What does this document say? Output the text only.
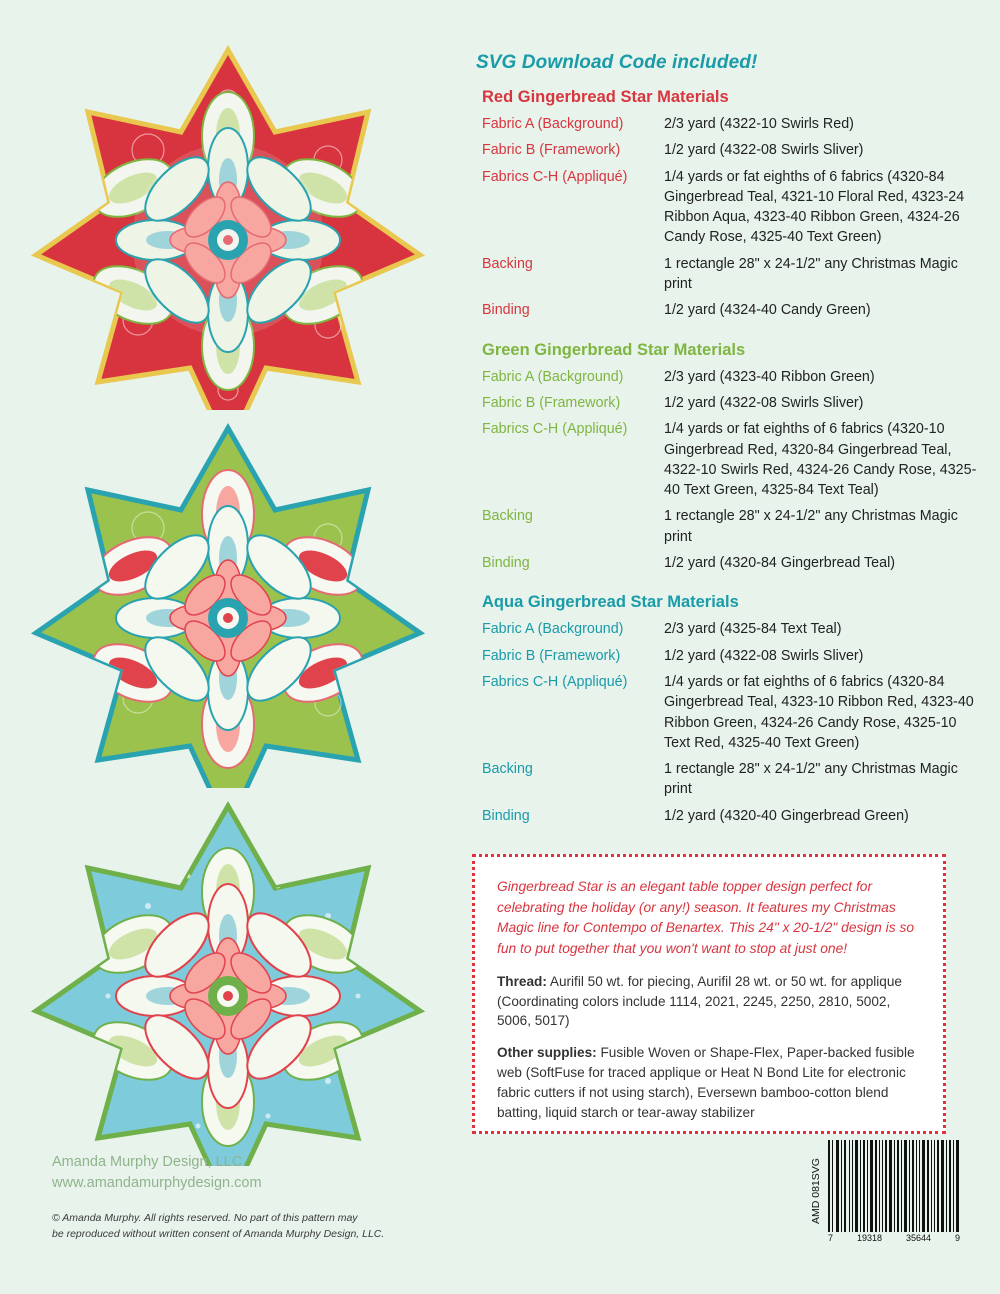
SVG Download Code included!
Red Gingerbread Star Materials
Fabric A (Background)	2/3 yard (4322-10 Swirls Red)
Fabric B (Framework)	1/2 yard (4322-08 Swirls Sliver)
Fabrics C-H (Appliqué)	1/4 yards or fat eighths of 6 fabrics (4320-84 Gingerbread Teal, 4321-10 Floral Red, 4323-24 Ribbon Aqua, 4323-40 Ribbon Green, 4324-26 Candy Rose, 4325-40 Text Green)
Backing	1 rectangle 28" x 24-1/2" any Christmas Magic print
Binding	1/2 yard (4324-40 Candy Green)
Green Gingerbread Star Materials
Fabric A (Background)	2/3 yard (4323-40 Ribbon Green)
Fabric B (Framework)	1/2 yard (4322-08 Swirls Sliver)
Fabrics C-H (Appliqué)	1/4 yards or fat eighths of 6 fabrics (4320-10 Gingerbread Red, 4320-84 Gingerbread Teal, 4322-10 Swirls Red, 4324-26 Candy Rose, 4325-40 Text Green, 4325-84 Text Teal)
Backing	1 rectangle 28" x 24-1/2" any Christmas Magic print
Binding	1/2 yard (4320-84 Gingerbread Teal)
Aqua Gingerbread Star Materials
Fabric A (Background)	2/3 yard (4325-84 Text Teal)
Fabric B (Framework)	1/2 yard (4322-08 Swirls Sliver)
Fabrics C-H (Appliqué)	1/4 yards or fat eighths of 6 fabrics (4320-84 Gingerbread Teal, 4323-10 Ribbon Red, 4323-40 Ribbon Green, 4324-26 Candy Rose, 4325-10 Text Red, 4325-40 Text Green)
Backing	1 rectangle 28" x 24-1/2" any Christmas Magic print
Binding	1/2 yard (4320-40 Gingerbread Green)

Gingerbread Star is an elegant table topper design perfect for celebrating the holiday (or any!) season. It features my Christmas Magic line for Contempo of Benartex. This 24" x 20-1/2" design is so fun to put together that you won't want to stop at just one!

Thread: Aurifil 50 wt. for piecing, Aurifil 28 wt. or 50 wt. for applique (Coordinating colors include 1114, 2021, 2245, 2250, 2810, 5002, 5006, 5017)

Other supplies: Fusible Woven or Shape-Flex, Paper-backed fusible web (SoftFuse for traced applique or Heat N Bond Lite for electronic fabric cutters if not using starch), Eversewn bamboo-cotton blend batting, liquid starch or tear-away stabilizer

Amanda Murphy Design, LLC
www.amandamurphydesign.com
© Amanda Murphy. All rights reserved. No part of this pattern may
be reproduced without written consent of Amanda Murphy Design, LLC.
AMD 081SVG
7	19318	35644	9
